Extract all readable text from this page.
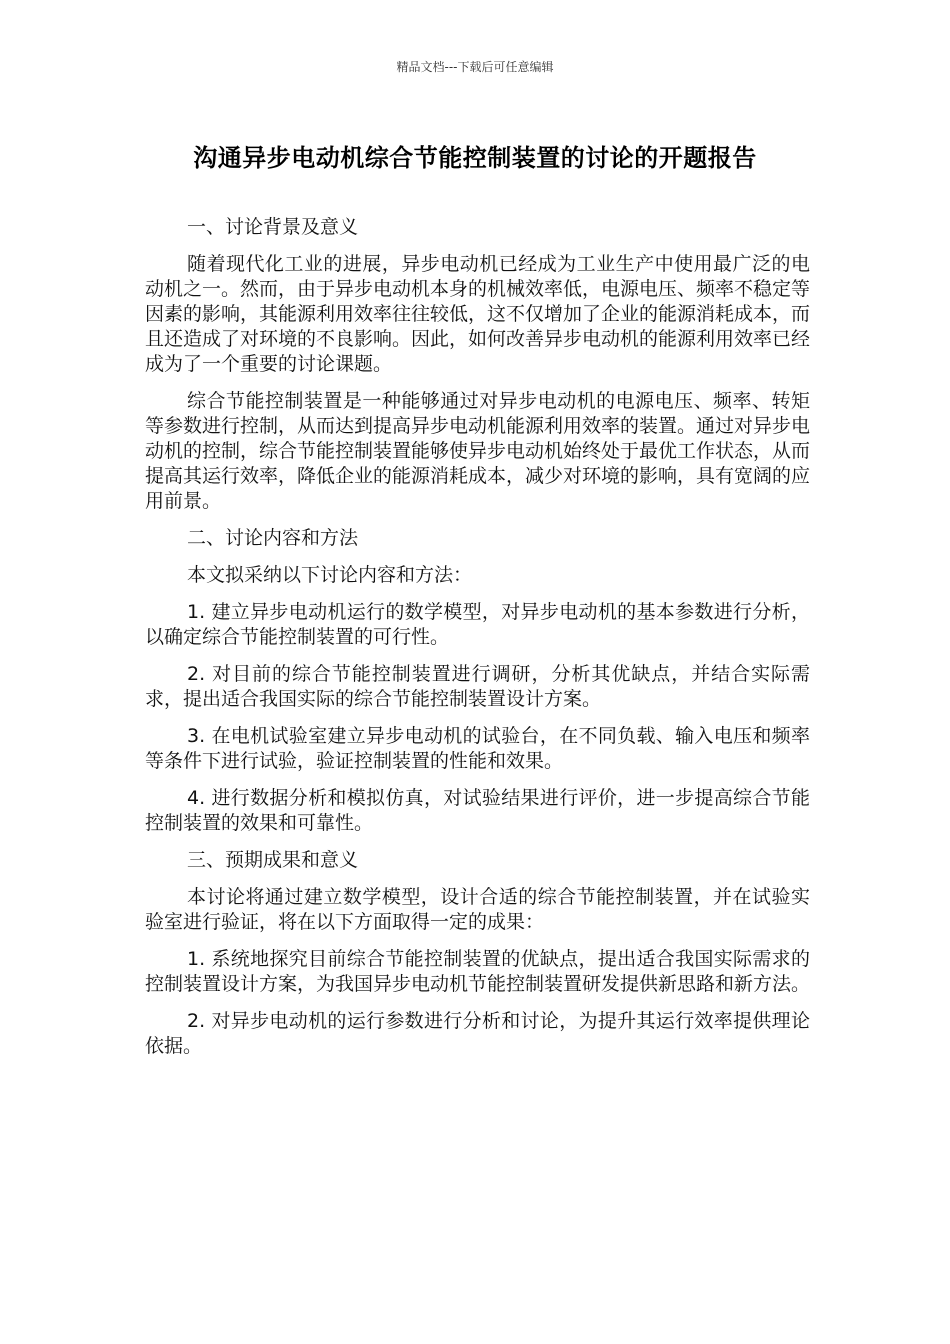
精品文档---下载后可任意编辑
沟通异步电动机综合节能控制装置的讨论的开题报告
一、讨论背景及意义

随着现代化工业的进展，异步电动机已经成为工业生产中使用最广泛的电动机之一。然而，由于异步电动机本身的机械效率低，电源电压、频率不稳定等因素的影响，其能源利用效率往往较低，这不仅增加了企业的能源消耗成本，而且还造成了对环境的不良影响。因此，如何改善异步电动机的能源利用效率已经成为了一个重要的讨论课题。

综合节能控制装置是一种能够通过对异步电动机的电源电压、频率、转矩等参数进行控制，从而达到提高异步电动机能源利用效率的装置。通过对异步电动机的控制，综合节能控制装置能够使异步电动机始终处于最优工作状态，从而提高其运行效率，降低企业的能源消耗成本，减少对环境的影响，具有宽阔的应用前景。

二、讨论内容和方法

本文拟采纳以下讨论内容和方法：

1. 建立异步电动机运行的数学模型，对异步电动机的基本参数进行分析，以确定综合节能控制装置的可行性。

2. 对目前的综合节能控制装置进行调研，分析其优缺点，并结合实际需求，提出适合我国实际的综合节能控制装置设计方案。

3. 在电机试验室建立异步电动机的试验台，在不同负载、输入电压和频率等条件下进行试验，验证控制装置的性能和效果。

4. 进行数据分析和模拟仿真，对试验结果进行评价，进一步提高综合节能控制装置的效果和可靠性。

三、预期成果和意义

本讨论将通过建立数学模型，设计合适的综合节能控制装置，并在试验实验室进行验证，将在以下方面取得一定的成果：

1. 系统地探究目前综合节能控制装置的优缺点，提出适合我国实际需求的控制装置设计方案，为我国异步电动机节能控制装置研发提供新思路和新方法。

2. 对异步电动机的运行参数进行分析和讨论，为提升其运行效率提供理论依据。
